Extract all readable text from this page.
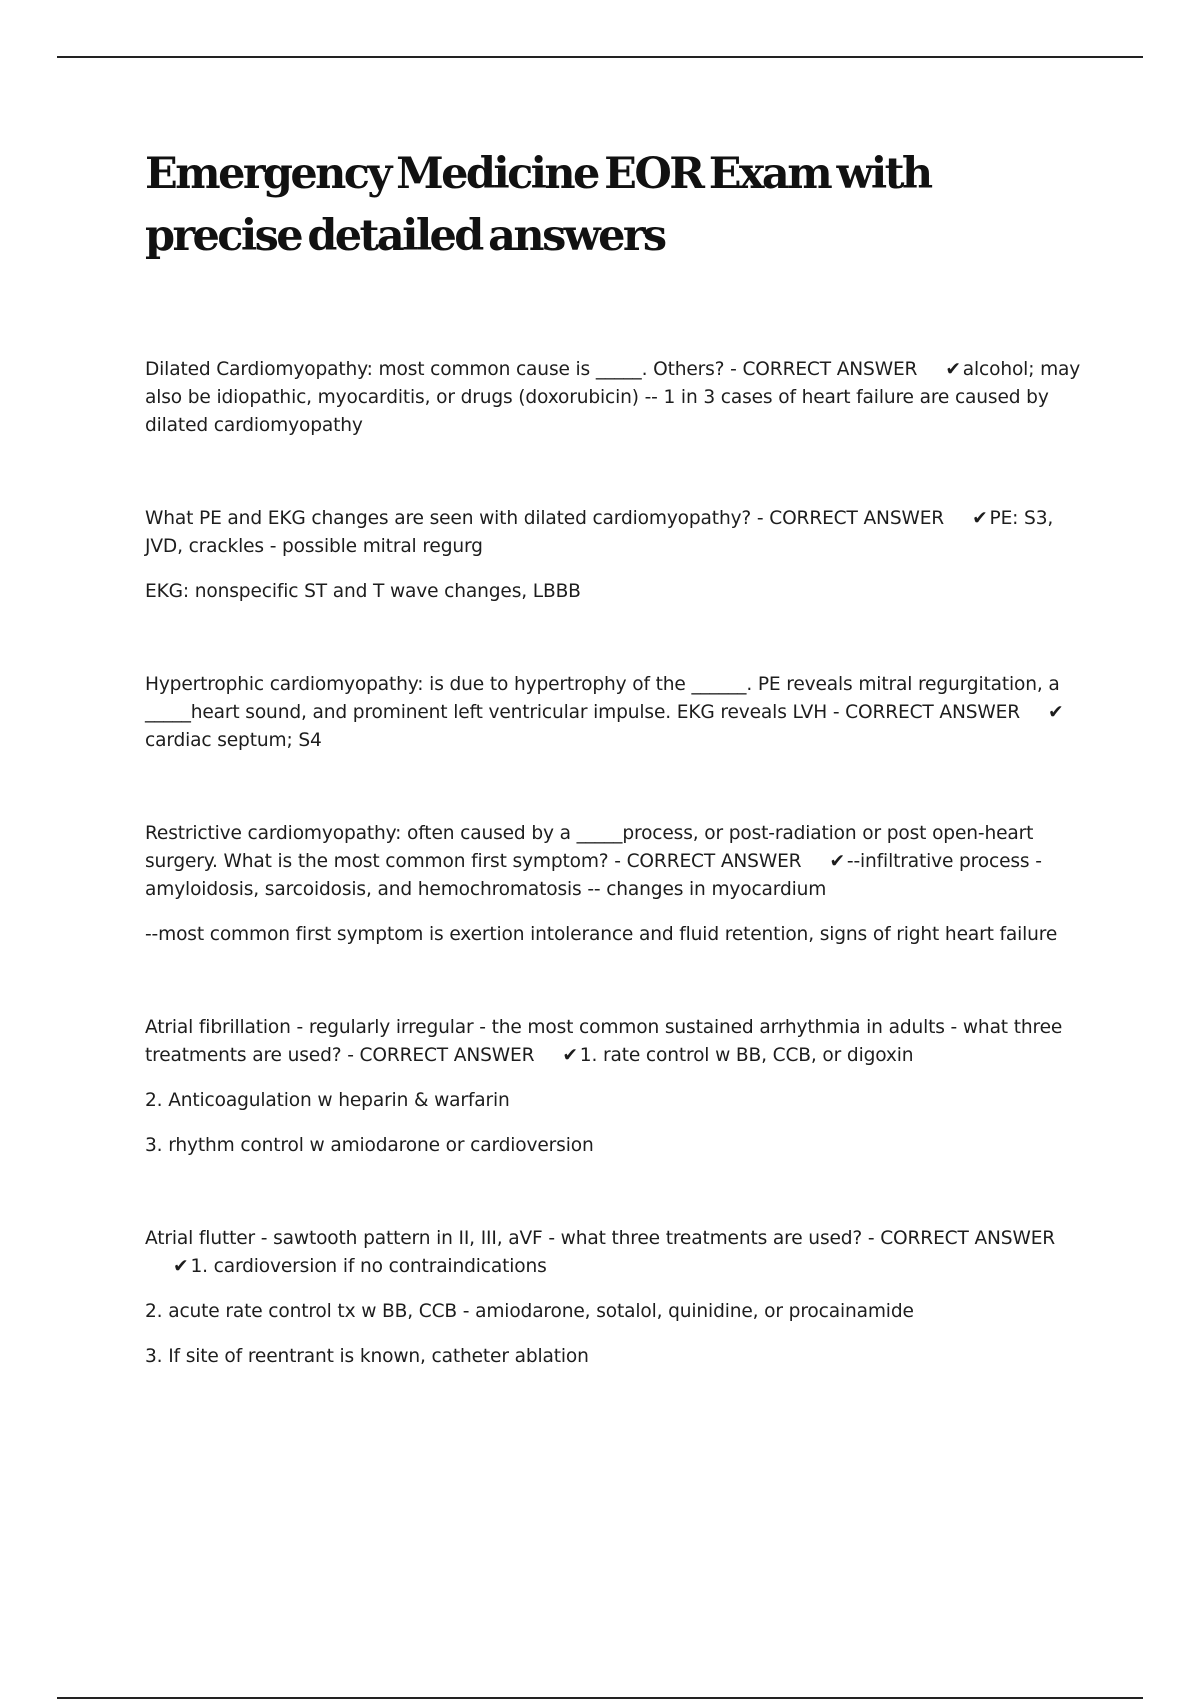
Emergency Medicine EOR Exam with precise detailed answers

Dilated Cardiomyopathy: most common cause is _____. Others? - CORRECT ANSWER ✔ alcohol; may also be idiopathic, myocarditis, or drugs (doxorubicin) -- 1 in 3 cases of heart failure are caused by dilated cardiomyopathy

What PE and EKG changes are seen with dilated cardiomyopathy? - CORRECT ANSWER ✔ PE: S3, JVD, crackles - possible mitral regurg

EKG: nonspecific ST and T wave changes, LBBB

Hypertrophic cardiomyopathy: is due to hypertrophy of the ______. PE reveals mitral regurgitation, a _____heart sound, and prominent left ventricular impulse. EKG reveals LVH - CORRECT ANSWER ✔cardiac septum; S4

Restrictive cardiomyopathy: often caused by a _____process, or post-radiation or post open-heart surgery. What is the most common first symptom? - CORRECT ANSWER ✔ --infiltrative process - amyloidosis, sarcoidosis, and hemochromatosis -- changes in myocardium

--most common first symptom is exertion intolerance and fluid retention, signs of right heart failure

Atrial fibrillation - regularly irregular - the most common sustained arrhythmia in adults - what three treatments are used? - CORRECT ANSWER ✔ 1. rate control w BB, CCB, or digoxin

2. Anticoagulation w heparin & warfarin

3. rhythm control w amiodarone or cardioversion

Atrial flutter - sawtooth pattern in II, III, aVF - what three treatments are used? - CORRECT ANSWER✔ 1. cardioversion if no contraindications

2. acute rate control tx w BB, CCB - amiodarone, sotalol, quinidine, or procainamide

3. If site of reentrant is known, catheter ablation
